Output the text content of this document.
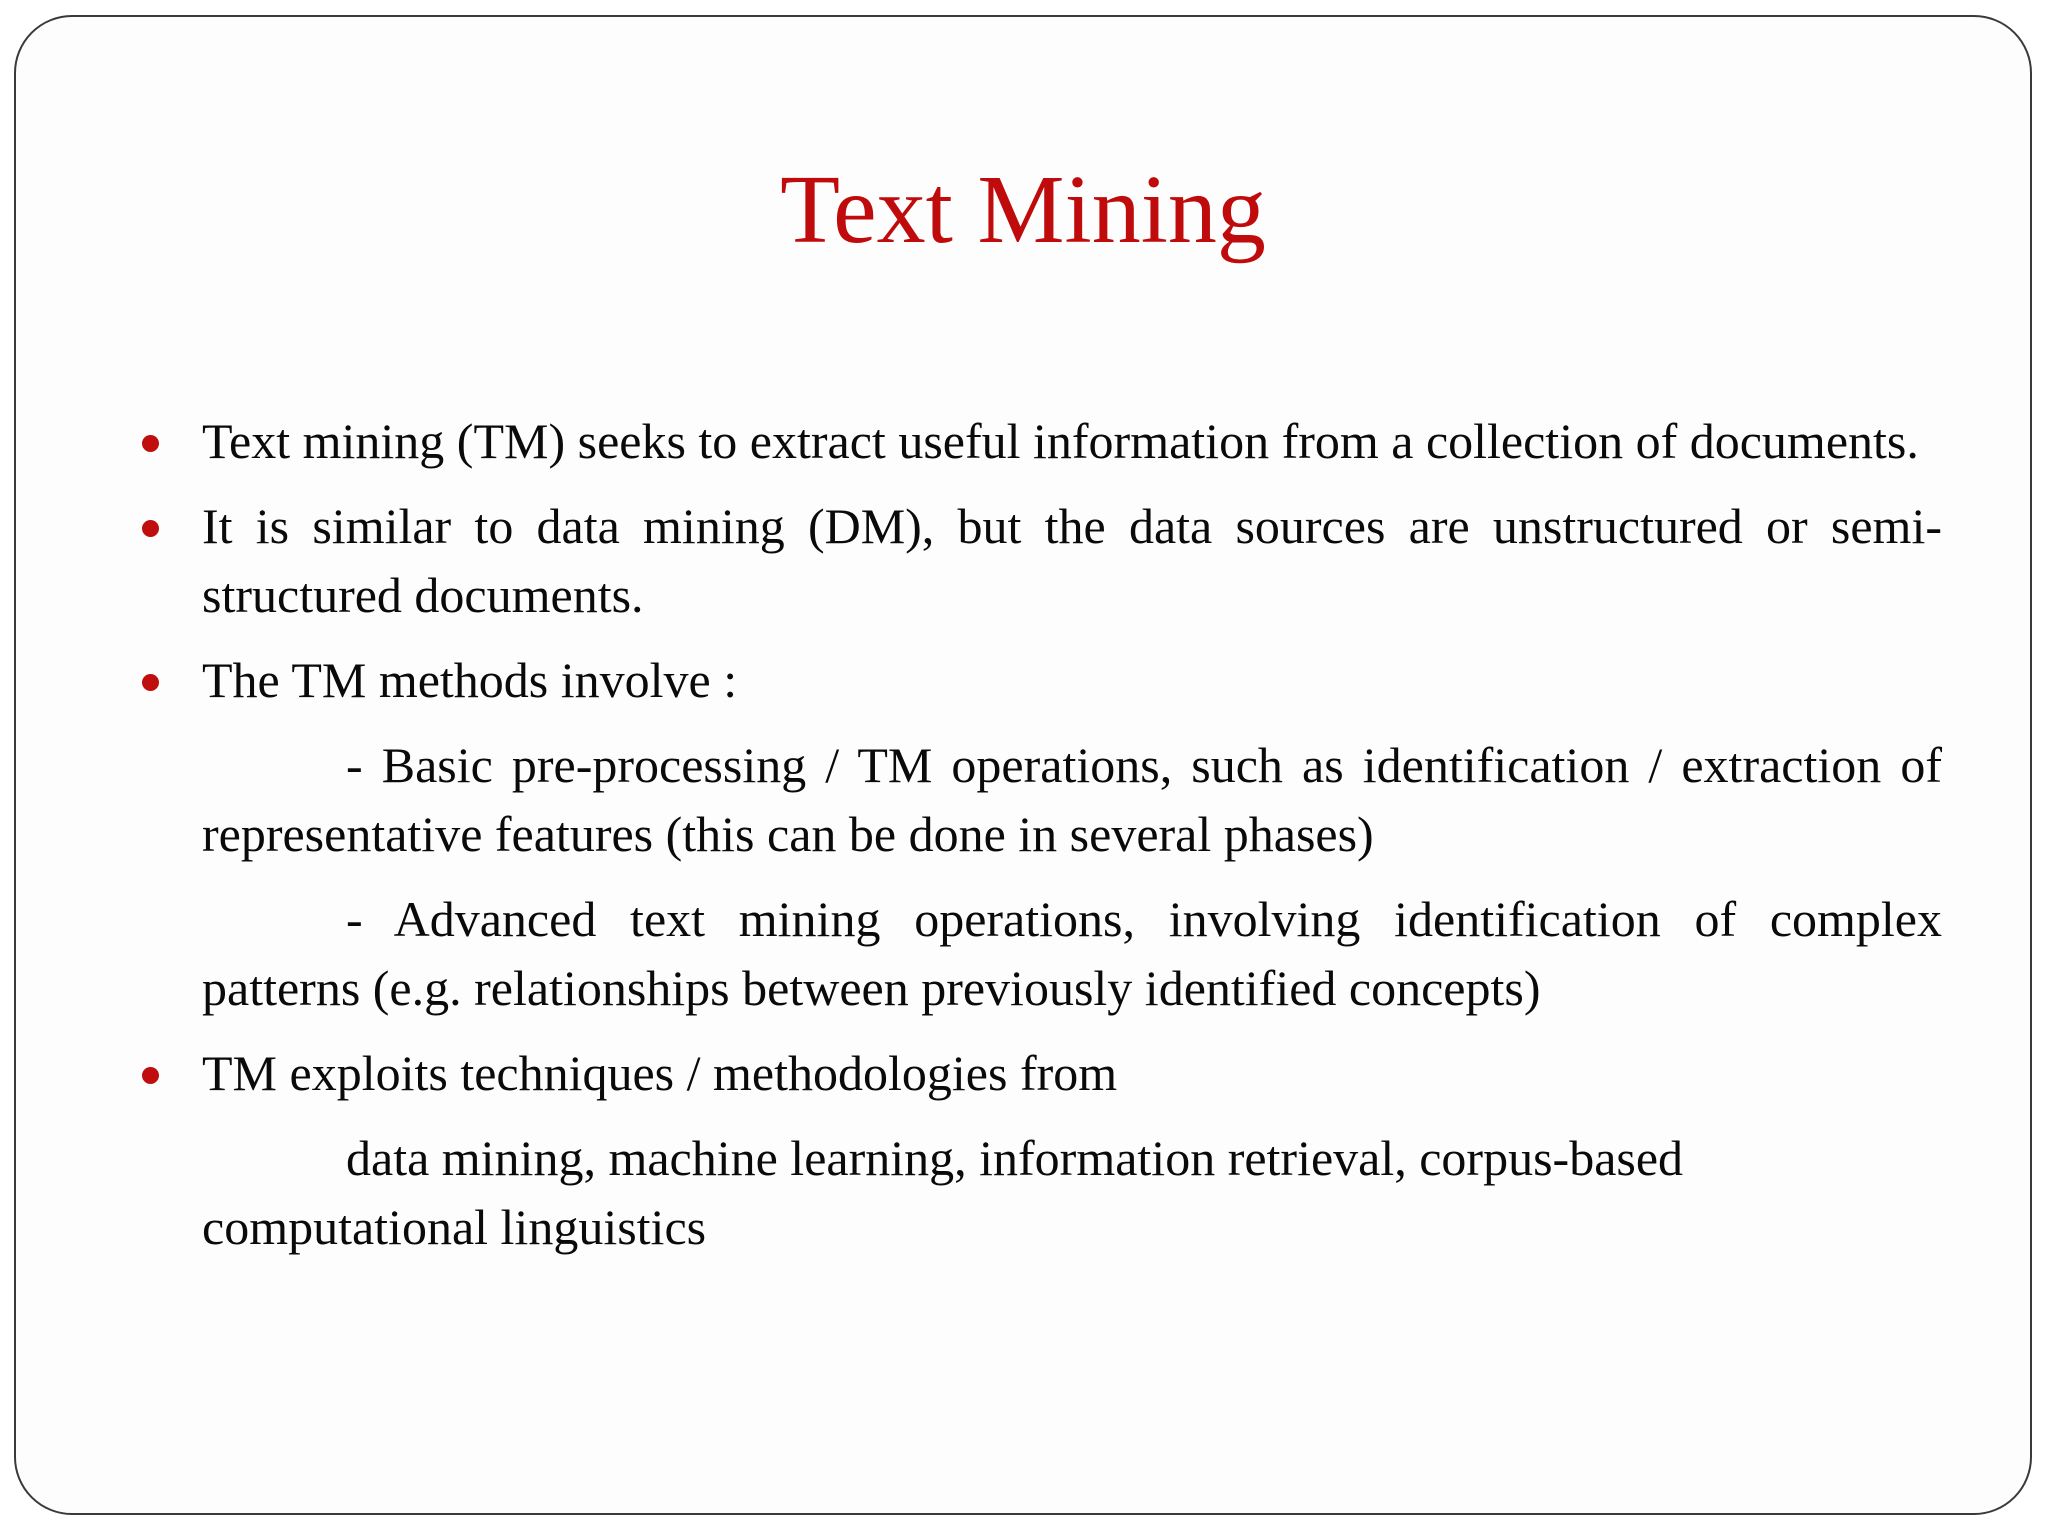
Text Mining

Text mining (TM) seeks to extract useful information from a collection of documents.

It is similar to data mining (DM), but the data sources are unstructured or semi-structured documents.

The TM methods involve :

- Basic pre-processing / TM operations, such as identification / extraction of representative features (this can be done in several phases)

- Advanced text mining operations, involving identification of complex patterns (e.g. relationships between previously identified concepts)

TM exploits techniques / methodologies from

data mining, machine learning, information retrieval, corpus-based computational linguistics
